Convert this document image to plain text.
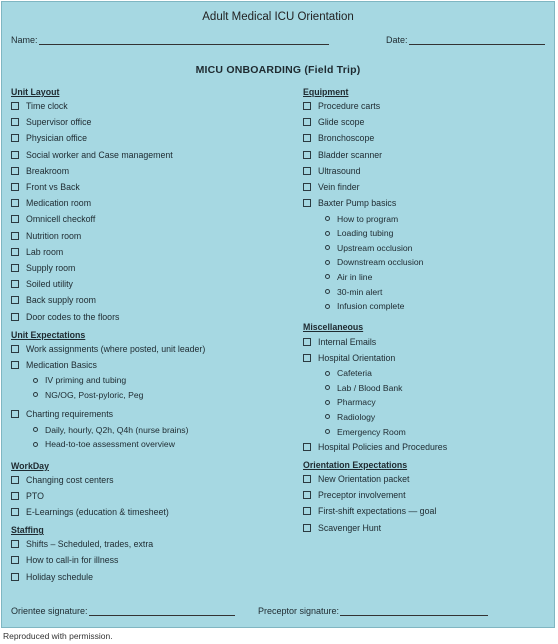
Adult Medical ICU Orientation
Name:	Date:
MICU ONBOARDING (Field Trip)
Unit Layout
Time clock
Supervisor office
Physician office
Social worker and Case management
Breakroom
Front vs Back
Medication room
Omnicell checkoff
Nutrition room
Lab room
Supply room
Soiled utility
Back supply room
Door codes to the floors
Unit Expectations
Work assignments (where posted, unit leader)
Medication Basics
IV priming and tubing
NG/OG, Post-pyloric, Peg
Charting requirements
Daily, hourly, Q2h, Q4h (nurse brains)
Head-to-toe assessment overview
WorkDay
Changing cost centers
PTO
E-Learnings (education & timesheet)
Staffing
Shifts – Scheduled, trades, extra
How to call-in for illness
Holiday schedule
Equipment
Procedure carts
Glide scope
Bronchoscope
Bladder scanner
Ultrasound
Vein finder
Baxter Pump basics
How to program
Loading tubing
Upstream occlusion
Downstream occlusion
Air in line
30-min alert
Infusion complete
Miscellaneous
Internal Emails
Hospital Orientation
Cafeteria
Lab / Blood Bank
Pharmacy
Radiology
Emergency Room
Hospital Policies and Procedures
Orientation Expectations
New Orientation packet
Preceptor involvement
First-shift expectations — goal
Scavenger Hunt
Orientee signature:	Preceptor signature:
Reproduced with permission.
